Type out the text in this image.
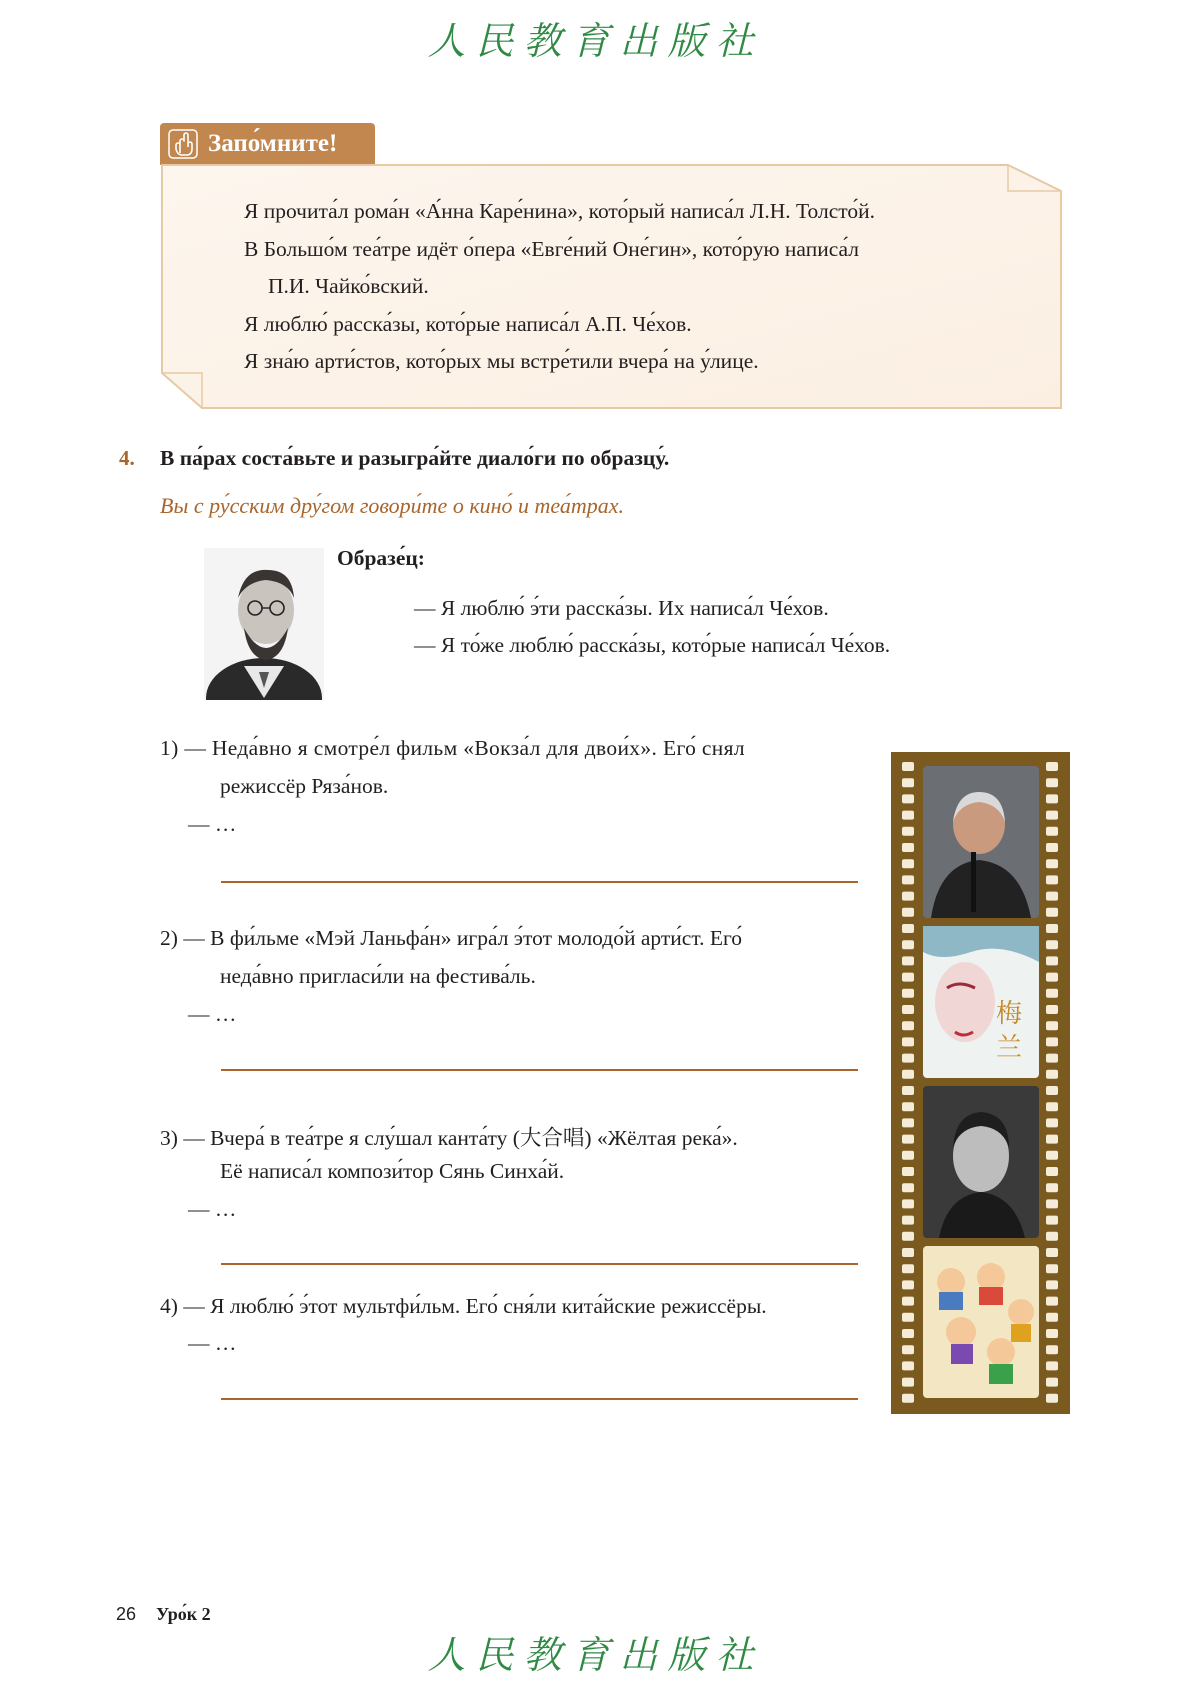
人民教育出版社
Запо́мните!
Я прочита́л рома́н «А́нна Каре́нина», кото́рый написа́л Л.Н. Толсто́й.
В Большо́м теа́тре идёт о́пера «Евге́ний Оне́гин», кото́рую написа́л
П.И. Чайко́вский.
Я люблю́ расска́зы, кото́рые написа́л А.П. Че́хов.
Я зна́ю арти́стов, кото́рых мы встре́тили вчера́ на у́лице.
4. В па́рах соста́вьте и разыгра́йте диало́ги по образцу́.
Вы с ру́сским дру́гом говори́те о кино́ и теа́трах.
Образе́ц:
— Я люблю́ э́ти расска́зы. Их написа́л Че́хов.
— Я то́же люблю́ расска́зы, кото́рые написа́л Че́хов.
1) — Неда́вно я смотре́л фильм «Вокза́л для двои́х». Его́ снял
режиссёр Ряза́нов.
— …
2) — В фи́льме «Мэй Ланьфа́н» игра́л э́тот молодо́й арти́ст. Его́
неда́вно пригласи́ли на фестива́ль.
— …
3) — Вчера́ в теа́тре я слу́шал канта́ту (大合唱) «Жёлтая река́».
Её написа́л компози́тор Сянь Синха́й.
— …
4) — Я люблю́ э́тот мультфи́льм. Его́ сня́ли кита́йские режиссёры.
— …
梅
兰
26 Уро́к 2
人民教育出版社
